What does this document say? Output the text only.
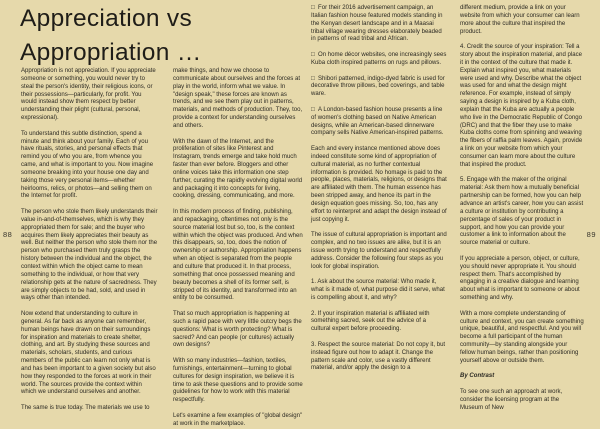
Appreciation vs Appropriation …
88	89

Appropriation is not appreciation. If you appreciate someone or something, you would never try to steal the person's identity, their religious icons, or their possessions—particularly, for profit. You would instead show them respect by better understanding their plight (cultural, personal, expressional).

To understand this subtle distinction, spend a minute and think about your family. Each of you have rituals, stories, and personal effects that remind you of who you are, from whence you came, and what is important to you. Now imagine someone breaking into your house one day and taking those very personal items—whether heirlooms, relics, or photos—and selling them on the Internet for profit.

The person who stole them likely understands their value in-and-of-themselves, which is why they appropriated them for sale; and the buyer who acquires them likely appreciates their beauty as well. But neither the person who stole them nor the person who purchased them truly grasps the history between the individual and the object, the context within which the object came to mean something to the individual, or how that very relationship gets at the nature of sacredness. They are simply objects to be had, sold, and used in ways other than intended.

Now extend that understanding to culture in general. As far back as anyone can remember, human beings have drawn on their surroundings for inspiration and materials to create shelter, clothing, and art. By studying these sources and materials, scholars, students, and curious members of the public can learn not only what is and has been important to a given society but also how they responded to the forces at work in their world. The sources provide the context within which we understand ourselves and another.

The same is true today. The materials we use to

make things, and how we choose to communicate about ourselves and the forces at play in the world, inform what we value. In "design speak," these forces are known as trends, and we see them play out in patterns, materials, and methods of production. They, too, provide a context for understanding ourselves and others.

With the dawn of the Internet, and the proliferation of sites like Pinterest and Instagram, trends emerge and take hold much faster than ever before. Bloggers and other online voices take this information one step further, curating the rapidly evolving digital world and packaging it into concepts for living, cooking, dressing, communicating, and more.

In this modern process of finding, publishing, and repackaging, oftentimes not only is the source material lost but so, too, is the context within which the object was produced. And when this disappears, so, too, does the notion of ownership or authorship. Appropriation happens when an object is separated from the people and culture that produced it. In that process, something that once possessed meaning and beauty becomes a shell of its former self, is stripped of its identity, and transformed into an entity to be consumed.

That so much appropriation is happening at such a rapid pace with very little outcry begs the questions: What is worth protecting? What is sacred? And can people (or cultures) actually own designs?

With so many industries—fashion, textiles, furnishings, entertainment—turning to global cultures for design inspiration, we believe it is time to ask these questions and to provide some guidelines for how to work with this material respectfully.

Let's examine a few examples of "global design" at work in the marketplace.

□  For their 2016 advertisement campaign, an Italian fashion house featured models standing in the Kenyan desert landscape and in a Maasai tribal village wearing dresses elaborately beaded in patterns of read tribal and African.

□  On home décor websites, one increasingly sees Kuba cloth inspired patterns on rugs and pillows.

□  Shibori patterned, indigo-dyed fabric is used for decorative throw pillows, bed coverings, and table ware.

□  A London-based fashion house presents a line of women's clothing based on Native American designs, while an American-based dinnerware company sells Native American-inspired patterns.

Each and every instance mentioned above does indeed constitute some kind of appropriation of cultural material, as no further contextual information is provided. No homage is paid to the people, places, materials, religions, or designs that are affiliated with them. The human essence has been stripped away, and hence its part in the design equation goes missing. So, too, has any effort to reinterpret and adapt the design instead of just copying it.

The issue of cultural appropriation is important and complex, and no two issues are alike, but it is an issue worth trying to understand and respectfully address. Consider the following four steps as you look for global inspiration.

1. Ask about the source material: Who made it, what is it made of, what purpose did it serve, what is compelling about it, and why?

2. If your inspiration material is affiliated with something sacred, seek out the advice of a cultural expert before proceeding.

3. Respect the source material: Do not copy it, but instead figure out how to adapt it. Change the pattern scale and color, use a vastly different material, and/or apply the design to a

different medium, provide a link on your website from which your consumer can learn more about the culture that inspired the product.

4. Credit the source of your inspiration: Tell a story about the inspiration material, and place it in the context of the culture that made it. Explain what inspired you, what materials were used and why. Describe what the object was used for and what the design might reference. For example, instead of simply saying a design is inspired by a Kuba cloth, explain that the Kuba are actually a people who live in the Democratic Republic of Congo (DRC) and that the fiber they use to make Kuba cloths come from spinning and weaving the fibers of raffia palm leaves. Again, provide a link on your website from which your consumer can learn more about the culture that inspired the product.

5. Engage with the maker of the original material: Ask them how a mutually beneficial partnership can be formed, how you can help advance an artist's career, how you can assist a culture or institution by contributing a percentage of sales of your product in support, and how you can provide your customer a link to information about the source material or culture.

If you appreciate a person, object, or culture, you should never appropriate it. You should respect them. That's accomplished by engaging in a creative dialogue and learning about what is important to someone or about something and why.

With a more complete understanding of culture and context, you can create something unique, beautiful, and respectful. And you will become a full participant of the human community—by standing alongside your fellow human beings, rather than positioning yourself above or outside them.

By Contrast

To see one such an approach at work, consider the licensing program at the Museum of New
